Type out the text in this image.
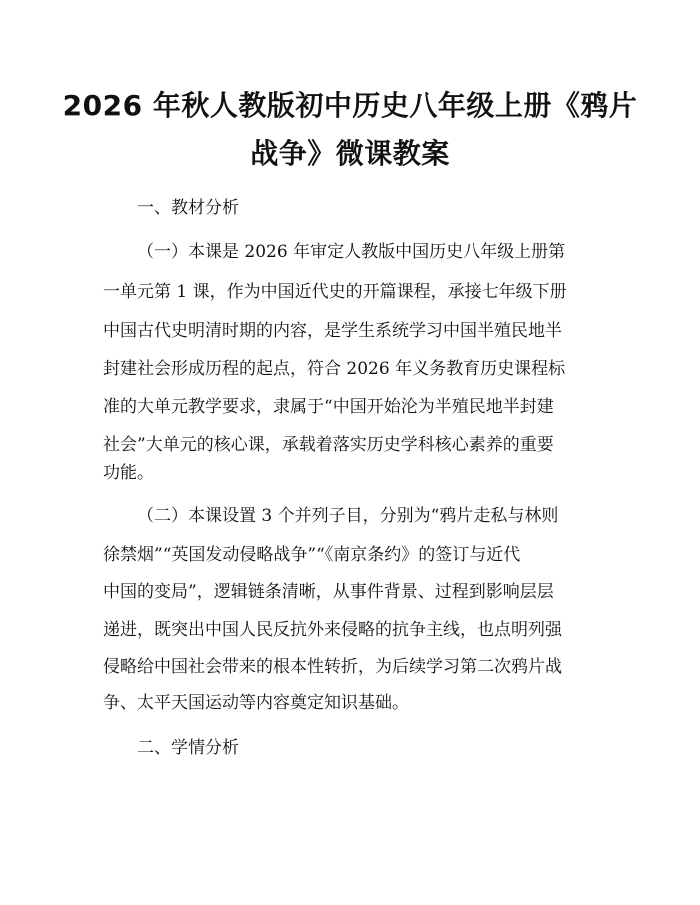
2026 年秋人教版初中历史八年级上册《鸦片
战争》微课教案
一、教材分析
（一）本课是 2026 年审定人教版中国历史八年级上册第
一单元第 1 课，作为中国近代史的开篇课程，承接七年级下册
中国古代史明清时期的内容，是学生系统学习中国半殖民地半
封建社会形成历程的起点，符合 2026 年义务教育历史课程标
准的大单元教学要求，隶属于“中国开始沦为半殖民地半封建
社会”大单元的核心课，承载着落实历史学科核心素养的重要
功能。
（二）本课设置 3 个并列子目，分别为“鸦片走私与林则
徐禁烟”“英国发动侵略战争”“《南京条约》的签订与近代
中国的变局”，逻辑链条清晰，从事件背景、过程到影响层层
递进，既突出中国人民反抗外来侵略的抗争主线，也点明列强
侵略给中国社会带来的根本性转折，为后续学习第二次鸦片战
争、太平天国运动等内容奠定知识基础。
二、学情分析
